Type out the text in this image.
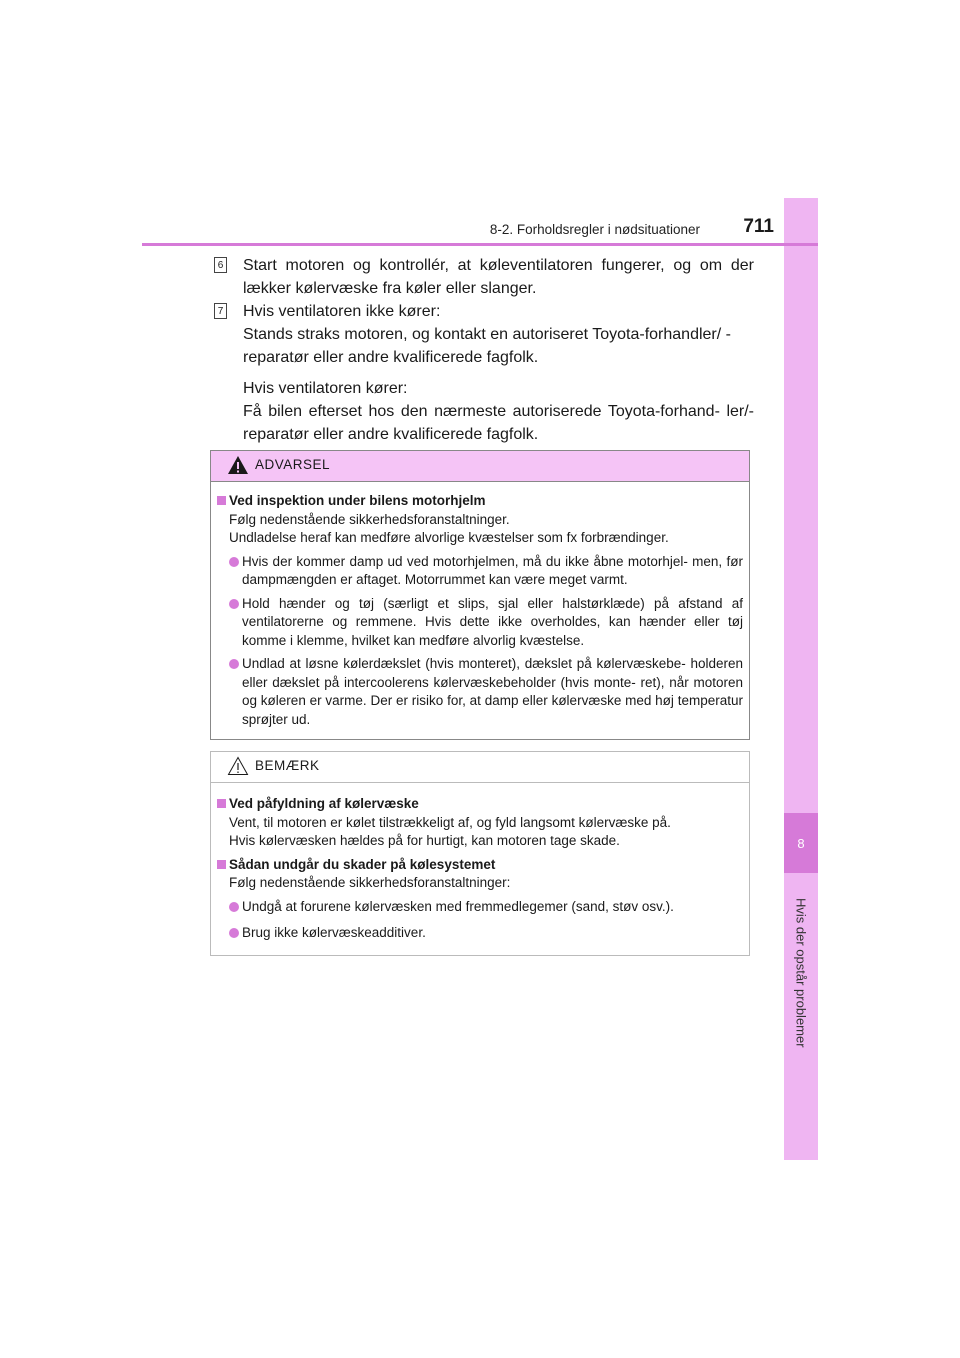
8
Hvis der opstår problemer
8-2. Forholdsregler i nødsituationer	711
6 Start motoren og kontrollér, at køleventilatoren fungerer, og om der lækker kølervæske fra køler eller slanger.

7 Hvis ventilatoren ikke kører:

Stands straks motoren, og kontakt en autoriseret Toyota-forhandler/ -reparatør eller andre kvalificerede fagfolk.

Hvis ventilatoren kører:

Få bilen efterset hos den nærmeste autoriserede Toyota-forhand- ler/-reparatør eller andre kvalificerede fagfolk.

ADVARSEL

Ved inspektion under bilens motorhjelm

Følg nedenstående sikkerhedsforanstaltninger.

Undladelse heraf kan medføre alvorlige kvæstelser som fx forbrændinger.

Hvis der kommer damp ud ved motorhjelmen, må du ikke åbne motorhjel- men, før dampmængden er aftaget. Motorrummet kan være meget varmt.

Hold hænder og tøj (særligt et slips, sjal eller halstørklæde) på afstand af ventilatorerne og remmene. Hvis dette ikke overholdes, kan hænder eller tøj komme i klemme, hvilket kan medføre alvorlig kvæstelse.

Undlad at løsne kølerdækslet (hvis monteret), dækslet på kølervæskebe- holderen eller dækslet på intercoolerens kølervæskebeholder (hvis monte- ret), når motoren og køleren er varme. Der er risiko for, at damp eller kølervæske med høj temperatur sprøjter ud.

BEMÆRK

Ved påfyldning af kølervæske

Vent, til motoren er kølet tilstrækkeligt af, og fyld langsomt kølervæske på.

Hvis kølervæsken hældes på for hurtigt, kan motoren tage skade.

Sådan undgår du skader på kølesystemet

Følg nedenstående sikkerhedsforanstaltninger:

Undgå at forurene kølervæsken med fremmedlegemer (sand, støv osv.).

Brug ikke kølervæskeadditiver.
